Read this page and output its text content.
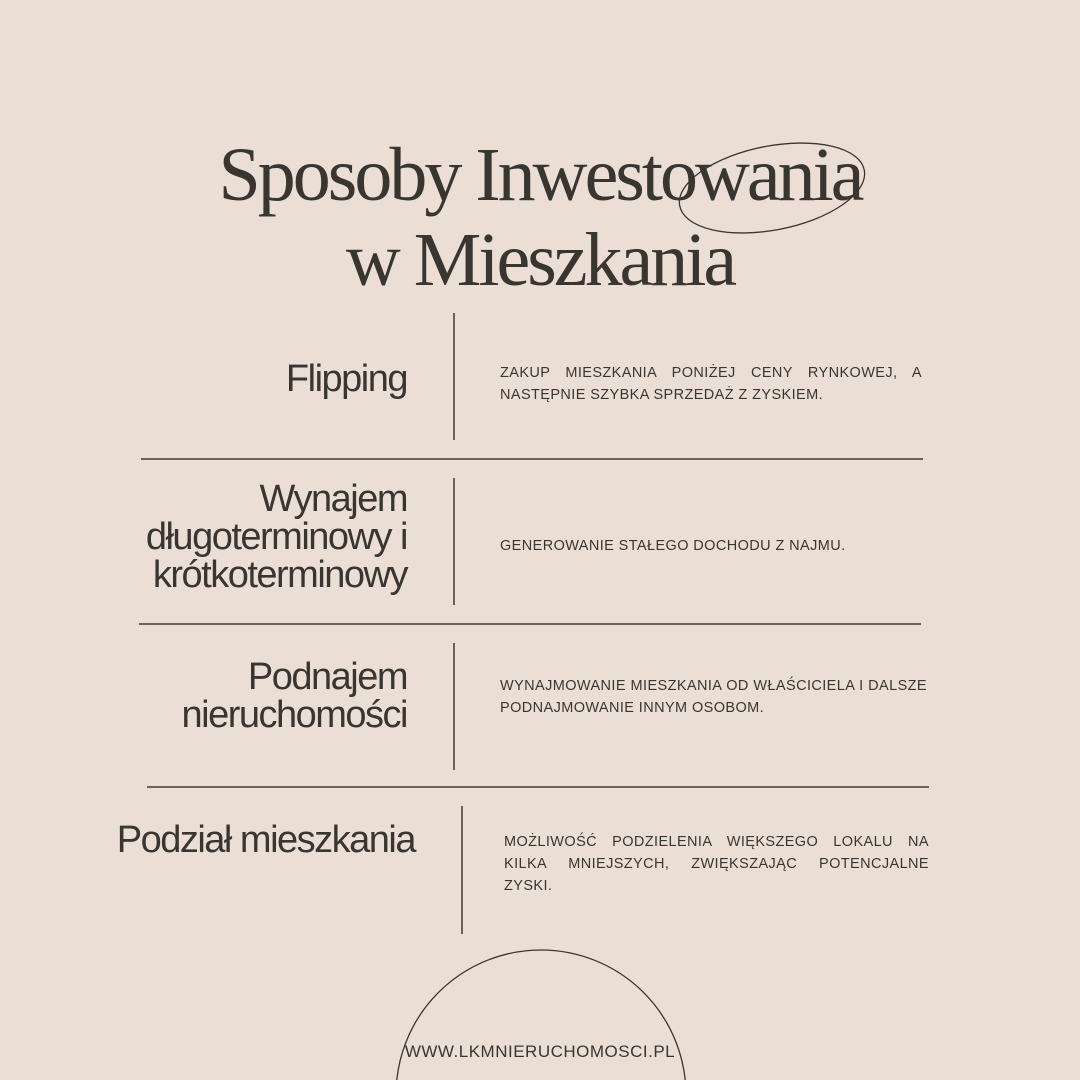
Sposoby Inwestowania
w Mieszkania
Flipping	ZAKUP MIESZKANIA PONIŻEJ CENY RYNKOWEJ, A NASTĘPNIE SZYBKA SPRZEDAŻ Z ZYSKIEM.
Wynajem
długoterminowy i
krótkoterminowy
GENEROWANIE STAŁEGO DOCHODU Z NAJMU.
Podnajem
nieruchomości
WYNAJMOWANIE MIESZKANIA OD WŁAŚCICIELA I DALSZE PODNAJMOWANIE INNYM OSOBOM.
Podział mieszkania	MOŻLIWOŚĆ PODZIELENIA WIĘKSZEGO LOKALU NA KILKA MNIEJSZYCH, ZWIĘKSZAJĄC POTENCJALNE ZYSKI.
WWW.LKMNIERUCHOMOSCI.PL
